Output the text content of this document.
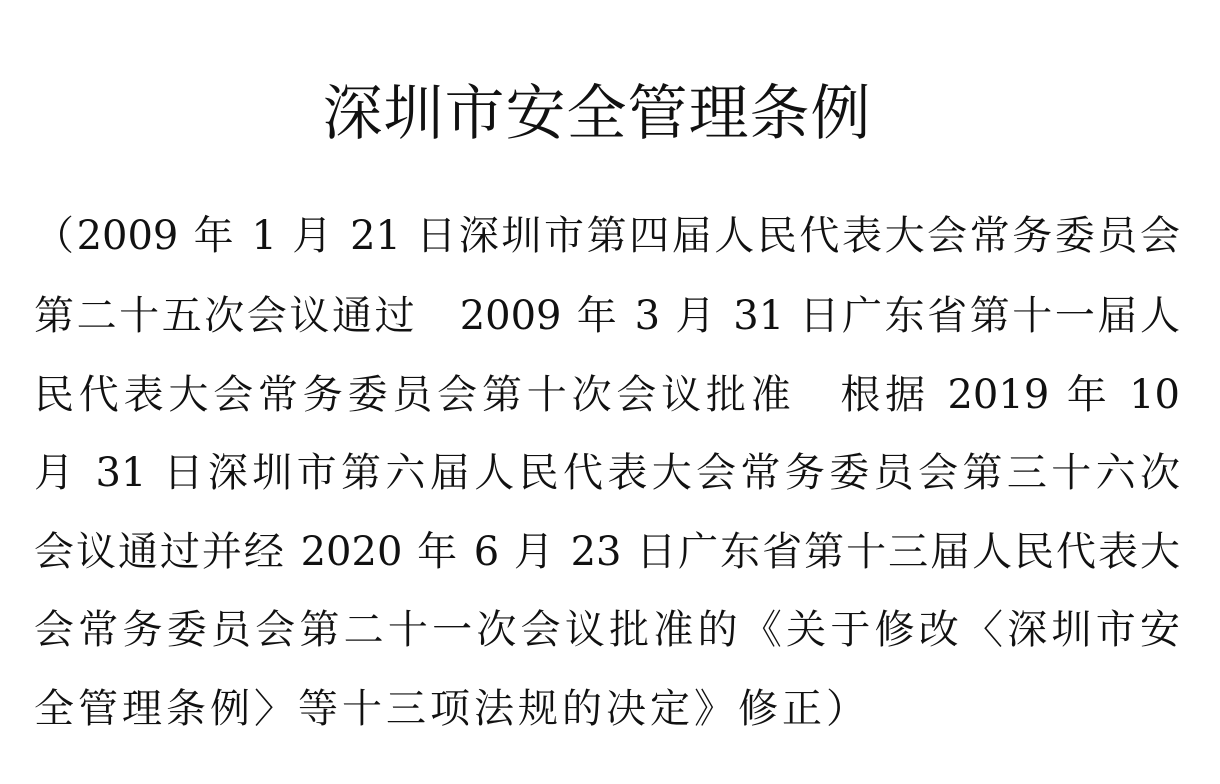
深圳市安全管理条例
（2009 年 1 月 21 日深圳市第四届人民代表大会常务委员会
第二十五次会议通过　2009 年 3 月 31 日广东省第十一届人
民代表大会常务委员会第十次会议批准　根据 2019 年 10
月 31 日深圳市第六届人民代表大会常务委员会第三十六次
会议通过并经 2020 年 6 月 23 日广东省第十三届人民代表大
会常务委员会第二十一次会议批准的《关于修改〈深圳市安
全管理条例〉等十三项法规的决定》修正）
